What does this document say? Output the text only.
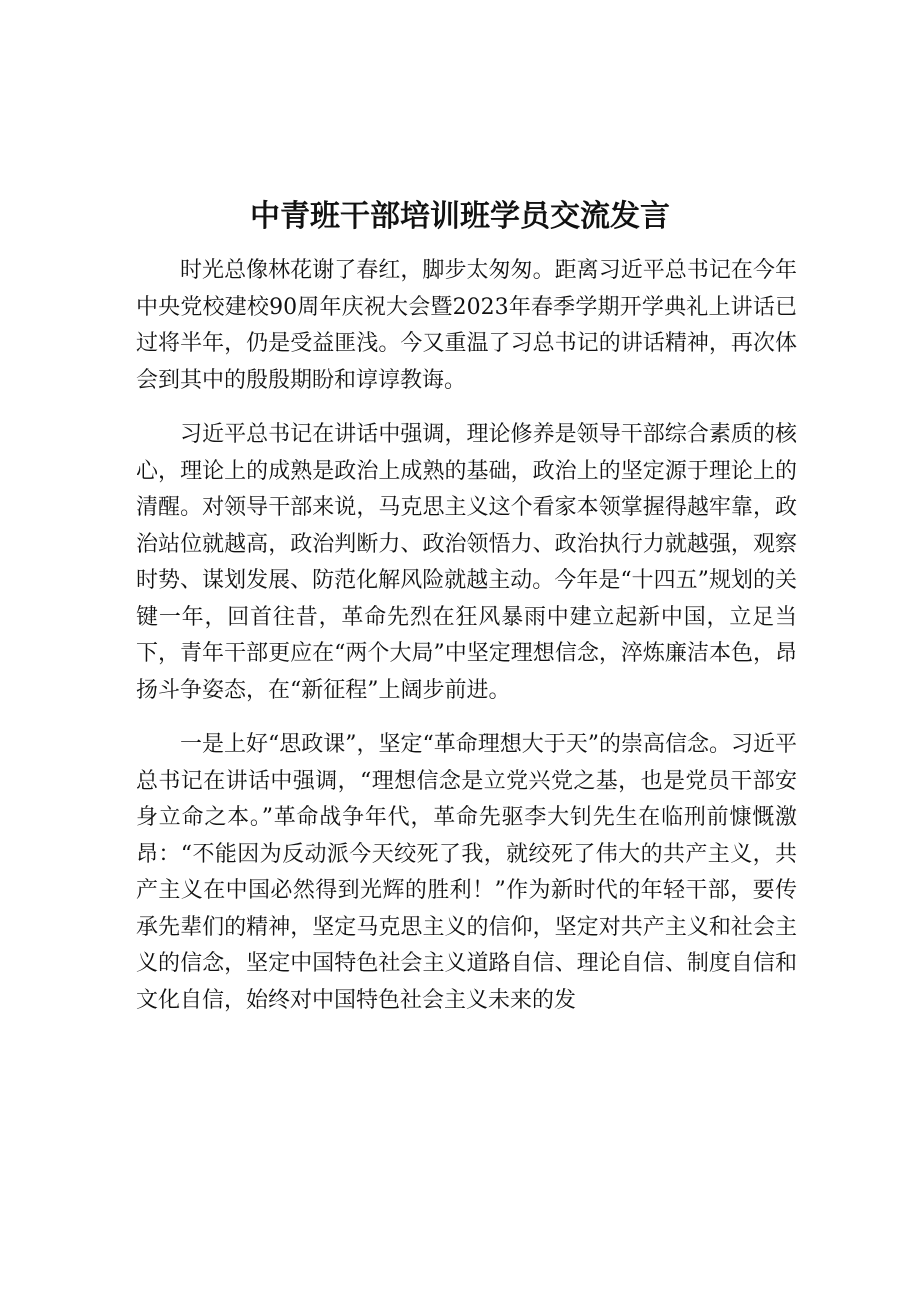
中青班干部培训班学员交流发言

时光总像林花谢了春红，脚步太匆匆。距离习近平总书记在今年中央党校建校90周年庆祝大会暨2023年春季学期开学典礼上讲话已过将半年，仍是受益匪浅。今又重温了习总书记的讲话精神，再次体会到其中的殷殷期盼和谆谆教诲。

习近平总书记在讲话中强调，理论修养是领导干部综合素质的核心，理论上的成熟是政治上成熟的基础，政治上的坚定源于理论上的清醒。对领导干部来说，马克思主义这个看家本领掌握得越牢靠，政治站位就越高，政治判断力、政治领悟力、政治执行力就越强，观察时势、谋划发展、防范化解风险就越主动。今年是“十四五”规划的关键一年，回首往昔，革命先烈在狂风暴雨中建立起新中国，立足当下，青年干部更应在“两个大局”中坚定理想信念，淬炼廉洁本色，昂扬斗争姿态，在“新征程”上阔步前进。

一是上好“思政课”，坚定“革命理想大于天”的崇高信念。习近平总书记在讲话中强调，“理想信念是立党兴党之基，也是党员干部安身立命之本。”革命战争年代，革命先驱李大钊先生在临刑前慷慨激昂：“不能因为反动派今天绞死了我，就绞死了伟大的共产主义，共产主义在中国必然得到光辉的胜利！”作为新时代的年轻干部，要传承先辈们的精神，坚定马克思主义的信仰，坚定对共产主义和社会主义的信念，坚定中国特色社会主义道路自信、理论自信、制度自信和文化自信，始终对中国特色社会主义未来的发
